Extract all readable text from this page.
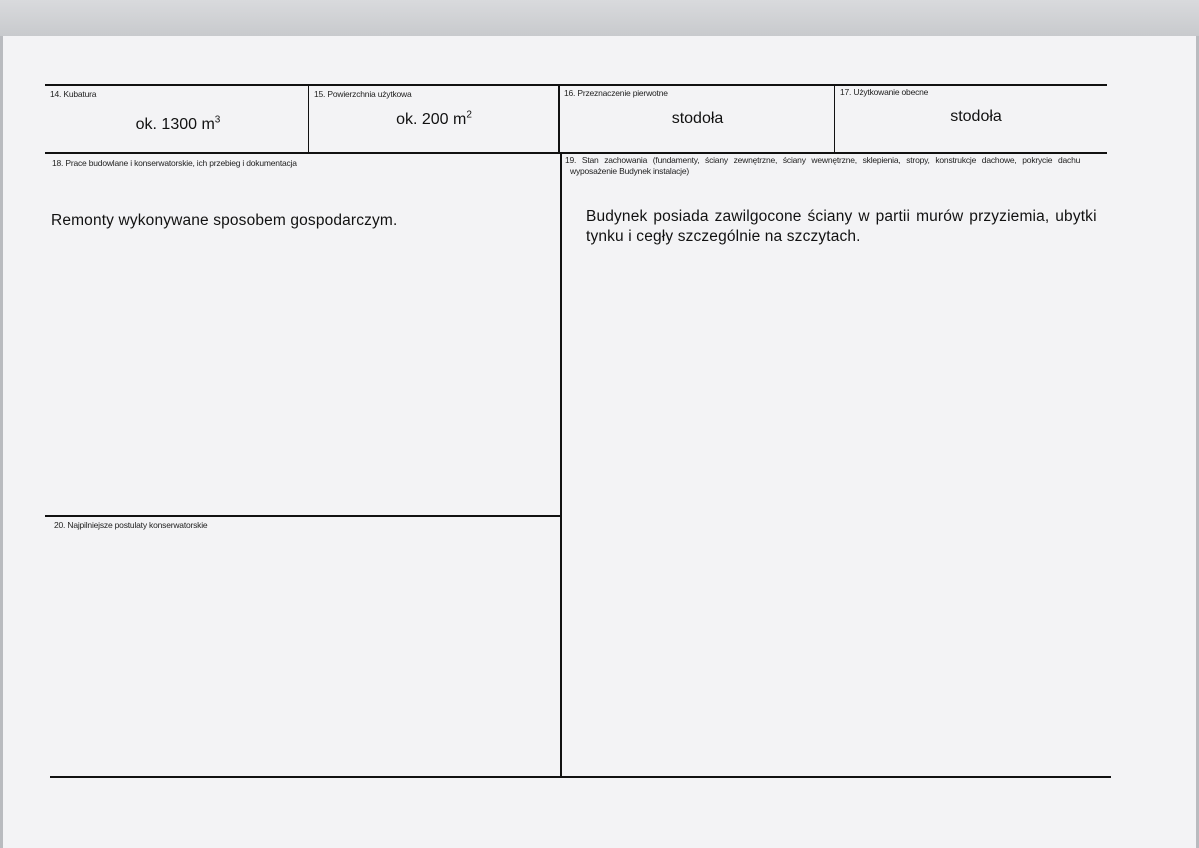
14. Kubatura
ok. 1300 $m^3$
15. Powierzchnia użytkowa
ok. 200 $m^2$
16. Przeznaczenie pierwotne
stodoła
17. Użytkowanie obecne
stodoła
18. Prace budowlane i konserwatorskie, ich przebieg i dokumentacja
Remonty wykonywane sposobem gospodarczym.
19. Stan zachowania (fundamenty, ściany zewnętrzne, ściany wewnętrzne, sklepienia, stropy, konstrukcje dachowe, pokrycie dachu
wyposażenie Budynek instalacje)
Budynek posiada zawilgocone ściany w partii murów przyziemia, ubytki
tynku i cegły szczególnie na szczytach.
20. Najpilniejsze postulaty konserwatorskie
